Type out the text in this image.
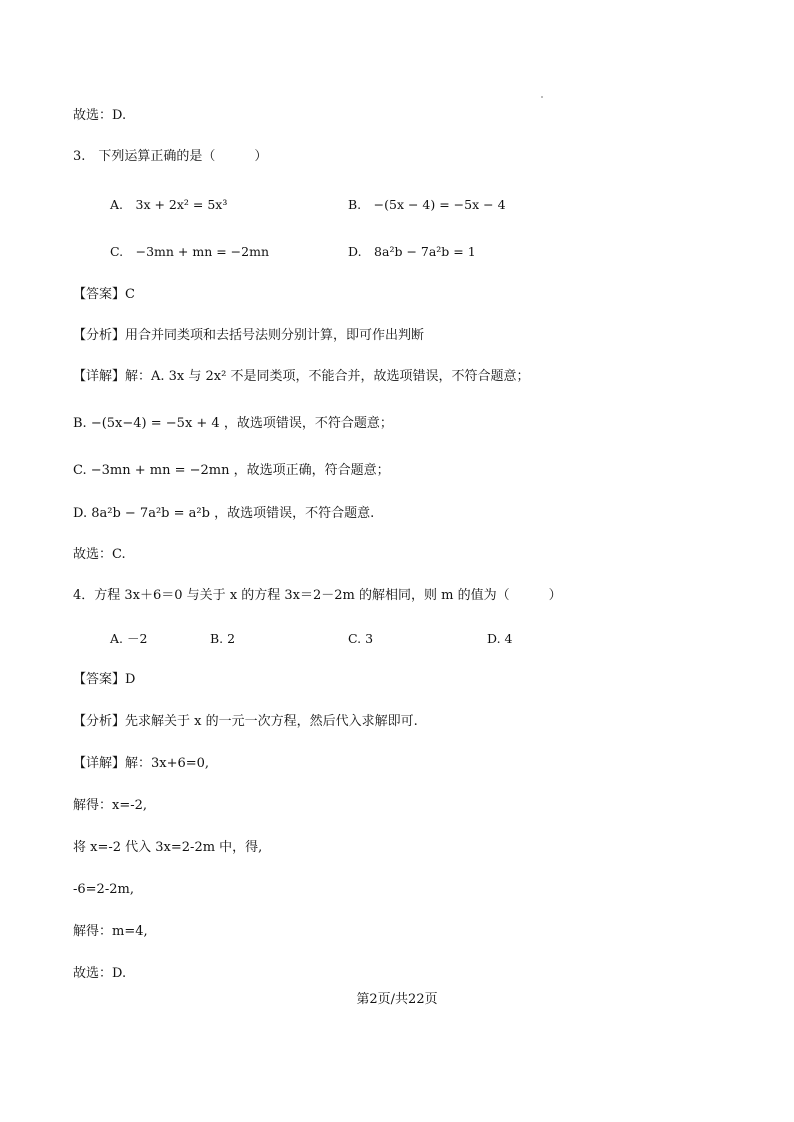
故选：D.
3.　下列运算正确的是（　　　）
A.　3x + 2x² = 5x³	B.　−(5x − 4) = −5x − 4
C.　−3mn + mn = −2mn	D.　8a²b − 7a²b = 1
【答案】C
【分析】用合并同类项和去括号法则分别计算，即可作出判断
【详解】解：A. 3x 与 2x² 不是同类项，不能合并，故选项错误，不符合题意；
B. −(5x−4) = −5x + 4 ，故选项错误，不符合题意；
C. −3mn + mn = −2mn ，故选项正确，符合题意；
D. 8a²b − 7a²b = a²b ，故选项错误，不符合题意.
故选：C.
4．方程 3x＋6＝0 与关于 x 的方程 3x＝2－2m 的解相同，则 m 的值为（　　　）
A. －2	B. 2	C. 3	D. 4
【答案】D
【分析】先求解关于 x 的一元一次方程，然后代入求解即可.
【详解】解：3x+6=0,
解得：x=-2,
将 x=-2 代入 3x=2-2m 中，得,
-6=2-2m,
解得：m=4,
故选：D.
第2页/共22页
